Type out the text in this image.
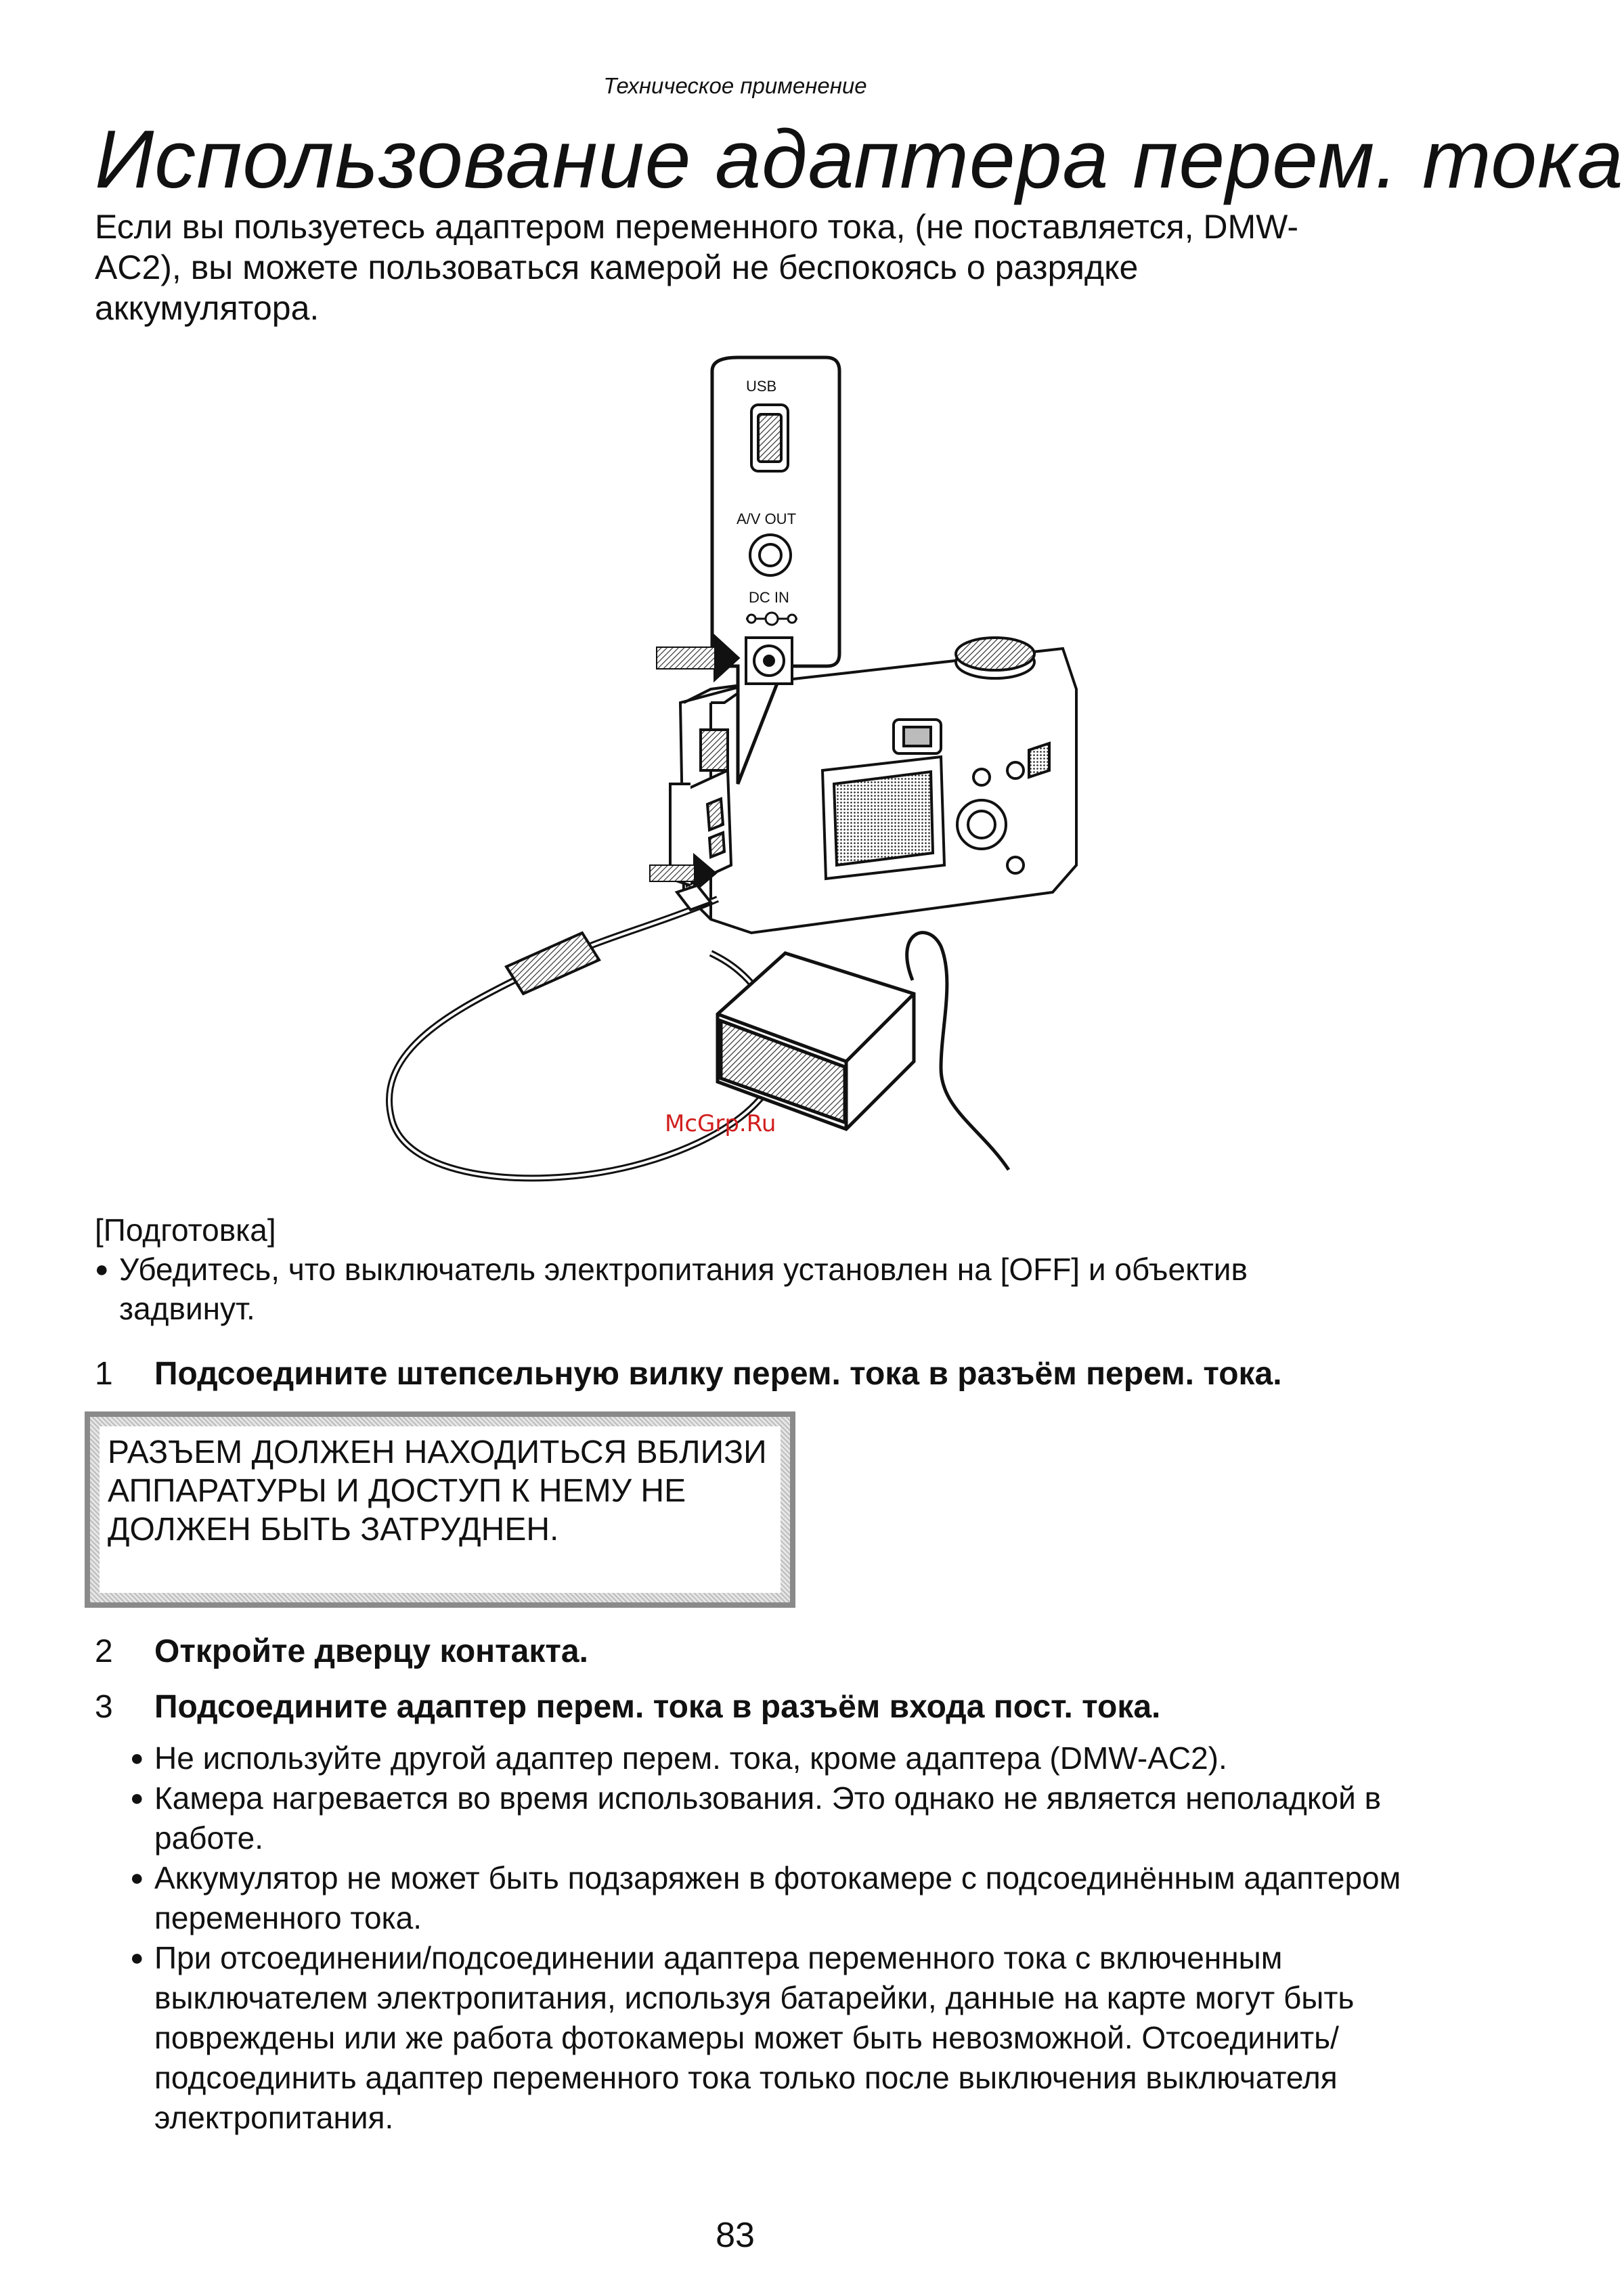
Техническое применение
Использование адаптера перем. тока
Если вы пользуетесь адаптером переменного тока, (не поставляется, DMW-AC2), вы можете пользоваться камерой не беспокоясь о разрядке аккумулятора.
USB
A/V OUT
DC IN
McGrp.Ru
[Подготовка]
● Убедитесь, что выключатель электропитания установлен на [OFF] и объектив задвинут.
1	Подсоедините штепсельную вилку перем. тока в разъём перем. тока.
РАЗЪЕМ ДОЛЖЕН НАХОДИТЬСЯ ВБЛИЗИ АППАРАТУРЫ И ДОСТУП К НЕМУ НЕ ДОЛЖЕН БЫТЬ ЗАТРУДНЕН.
2	Откройте дверцу контакта.
3	Подсоедините адаптер перем. тока в разъём входа пост. тока.
● Не используйте другой адаптер перем. тока, кроме адаптера (DMW-AC2).
● Камера нагревается во время использования. Это однако не является неполадкой в работе.
● Аккумулятор не может быть подзаряжен в фотокамере с подсоединённым адаптером переменного тока.
● При отсоединении/подсоединении адаптера переменного тока с включенным выключателем электропитания, используя батарейки, данные на карте могут быть повреждены или же работа фотокамеры может быть невозможной. Отсоединить/подсоединить адаптер переменного тока только после выключения выключателя электропитания.
83
